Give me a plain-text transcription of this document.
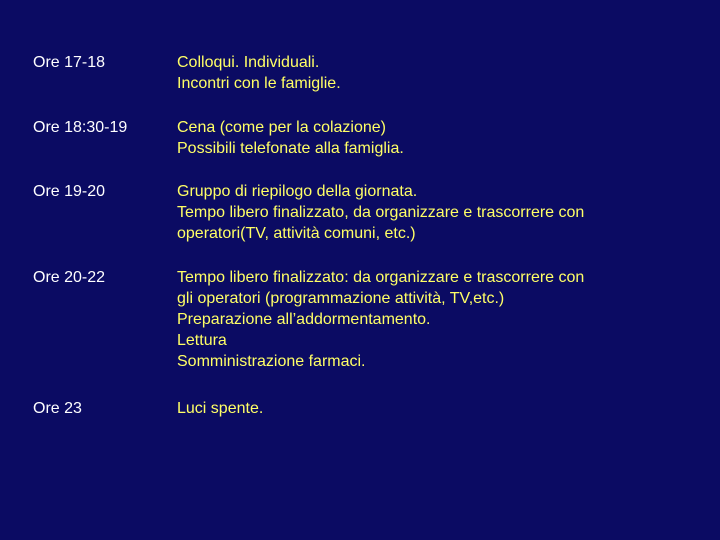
Ore 17-18	Colloqui. Individuali.
Incontri con le famiglie.
Ore 18:30-19	Cena (come per la colazione)
Possibili telefonate alla famiglia.
Ore 19-20	Gruppo di riepilogo della giornata.
Tempo libero finalizzato, da organizzare e trascorrere con
operatori(TV, attività comuni, etc.)
Ore 20-22	Tempo libero finalizzato: da organizzare e trascorrere con
gli operatori (programmazione attività, TV,etc.)
Preparazione all’addormentamento.
Lettura
Somministrazione farmaci.
Ore 23	Luci spente.
